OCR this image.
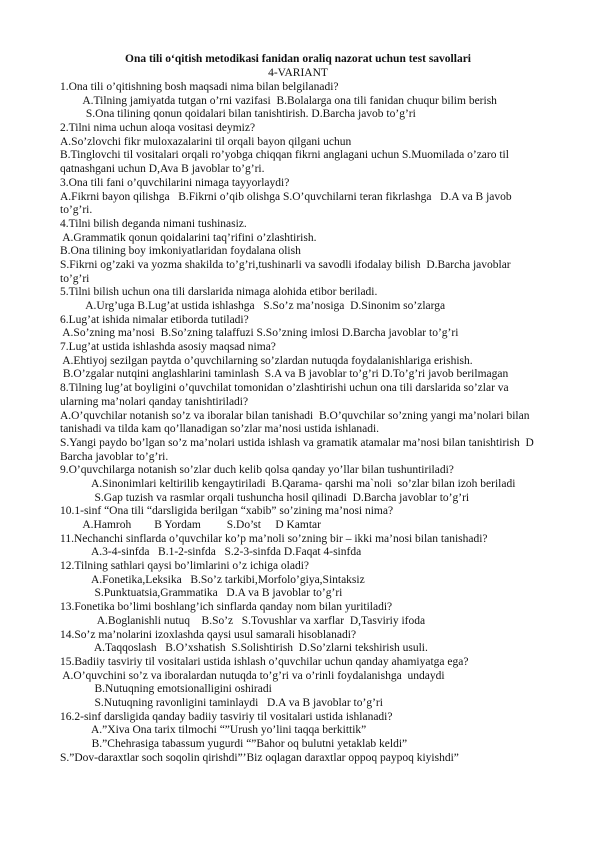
Ona tili o‘qitish metodikasi fanidan oraliq nazorat uchun test savollari
4-VARIANT
1.Ona tili o’qitishning bosh maqsadi nima bilan belgilanadi?
A.Tilning jamiyatda tutgan o’rni vazifasi  B.Bolalarga ona tili fanidan chuqur bilim berish
S.Ona tilining qonun qoidalari bilan tanishtirish. D.Barcha javob to’g’ri
2.Tilni nima uchun aloqa vositasi deymiz?
A.So’zlovchi fikr muloxazalarini til orqali bayon qilgani uchun
B.Tinglovchi til vositalari orqali ro’yobga chiqqan fikrni anglagani uchun S.Muomilada o’zaro til
qatnashgani uchun D,Ava B javoblar to’g’ri.
3.Ona tili fani o’quvchilarini nimaga tayyorlaydi?
A.Fikrni bayon qilishga   B.Fikrni o’qib olishga S.O’quvchilarni teran fikrlashga   D.A va B javob
to’g’ri.
4.Tilni bilish deganda nimani tushinasiz.
A.Grammatik qonun qoidalarini taq’rifini o’zlashtirish.
B.Ona tilining boy imkoniyatlaridan foydalana olish
S.Fikrni og’zaki va yozma shakilda to’g’ri,tushinarli va savodli ifodalay bilish  D.Barcha javoblar
to’g’ri
5.Tilni bilish uchun ona tili darslarida nimaga alohida etibor beriladi.
A.Urg’uga B.Lug’at ustida ishlashga   S.So’z ma’nosiga  D.Sinonim so’zlarga
6.Lug’at ishida nimalar etiborda tutiladi?
A.So’zning ma’nosi  B.So’zning talaffuzi S.So’zning imlosi D.Barcha javoblar to’g’ri
7.Lug’at ustida ishlashda asosiy maqsad nima?
A.Ehtiyoj sezilgan paytda o’quvchilarning so’zlardan nutuqda foydalanishlariga erishish.
B.O’zgalar nutqini anglashlarini taminlash  S.A va B javoblar to’g’ri D.To’g’ri javob berilmagan
8.Tilning lug’at boyligini o’quvchilat tomonidan o’zlashtirishi uchun ona tili darslarida so’zlar va
ularning ma’nolari qanday tanishtiriladi?
A.O’quvchilar notanish so’z va iboralar bilan tanishadi  B.O’quvchilar so’zning yangi ma’nolari bilan
tanishadi va tilda kam qo’llanadigan so’zlar ma’nosi ustida ishlanadi.
S.Yangi paydo bo’lgan so’z ma’nolari ustida ishlash va gramatik atamalar ma’nosi bilan tanishtirish  D
Barcha javoblar to’g’ri.
9.O’quvchilarga notanish so’zlar duch kelib qolsa qanday yo’llar bilan tushuntiriladi?
A.Sinonimlari keltirilib kengaytiriladi  B.Qarama- qarshi ma`noli  so’zlar bilan izoh beriladi
S.Gap tuzish va rasmlar orqali tushuncha hosil qilinadi  D.Barcha javoblar to’g’ri
10.1-sinf “Ona tili “darsligida berilgan “xabib” so’zining ma’nosi nima?
A.Hamroh        B Yordam         S.Do’st     D Kamtar
11.Nechanchi sinflarda o’quvchilar ko’p ma’noli so’zning bir – ikki ma’nosi bilan tanishadi?
A.3-4-sinfda   B.1-2-sinfda   S.2-3-sinfda D.Faqat 4-sinfda
12.Tilning sathlari qaysi bo’limlarini o’z ichiga oladi?
A.Fonetika,Leksika   B.So’z tarkibi,Morfolo’giya,Sintaksiz
S.Punktuatsia,Grammatika   D.A va B javoblar to’g’ri
13.Fonetika bo’limi boshlang’ich sinflarda qanday nom bilan yuritiladi?
A.Boglanishli nutuq    B.So’z   S.Tovushlar va xarflar  D,Tasviriy ifoda
14.So’z ma’nolarini izoxlashda qaysi usul samarali hisoblanadi?
A.Taqqoslash   B.O’xshatish  S.Solishtirish  D.So’zlarni tekshirish usuli.
15.Badiiy tasviriy til vositalari ustida ishlash o’quvchilar uchun qanday ahamiyatga ega?
A.O’quvchini so’z va iboralardan nutuqda to’g’ri va o’rinli foydalanishga  undaydi
B.Nutuqning emotsionalligini oshiradi
S.Nutuqning ravonligini taminlaydi   D.A va B javoblar to’g’ri
16.2-sinf darsligida qanday badiiy tasviriy til vositalari ustida ishlanadi?
A.”Xiva Ona tarix tilmochi “”Urush yo’lini taqqa berkittik”
B.”Chehrasiga tabassum yugurdi “”Bahor oq bulutni yetaklab keldi”
S.”Dov-daraxtlar soch soqolin qirishdi”’Biz oqlagan daraxtlar oppoq paypoq kiyishdi”
